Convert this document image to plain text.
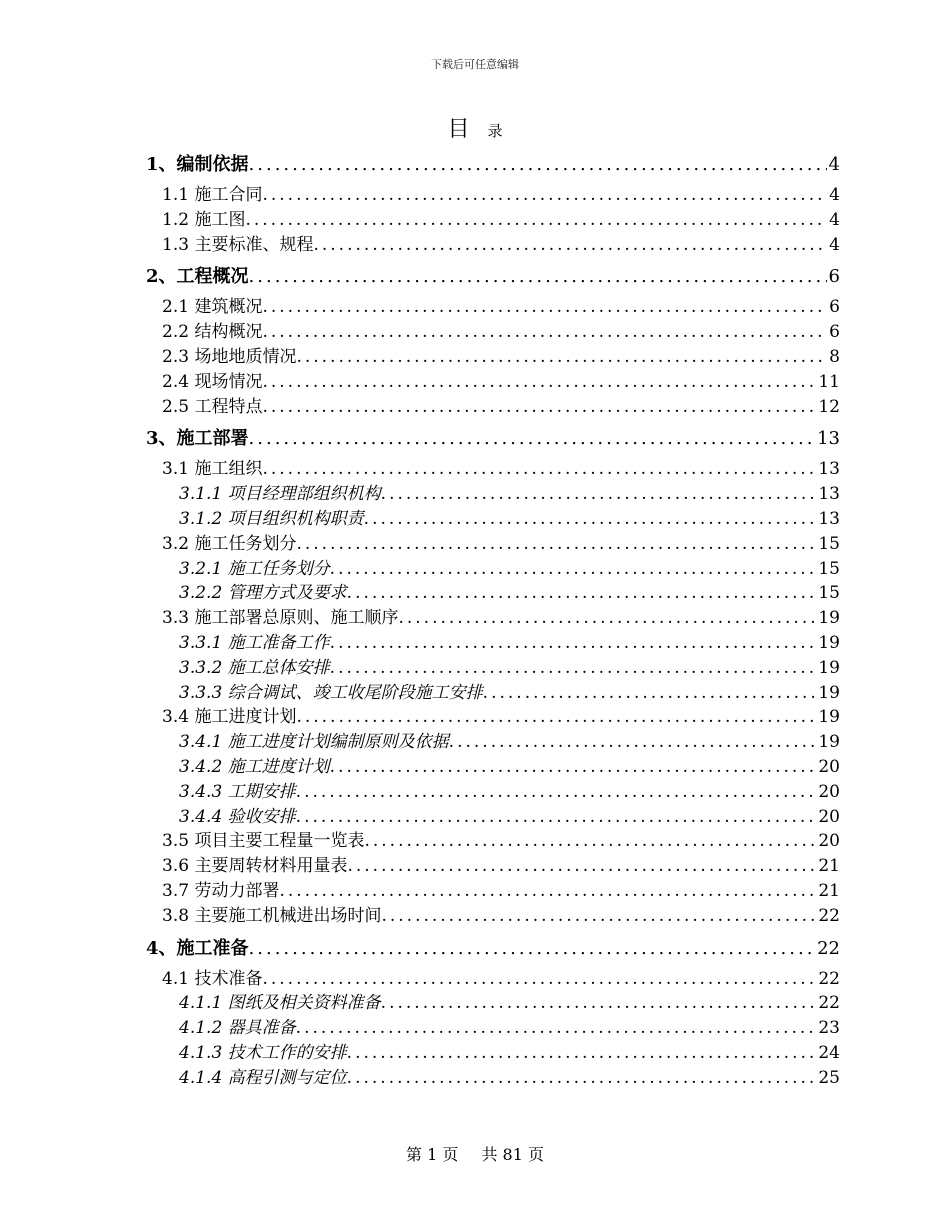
下载后可任意编辑
目 录
1、编制依据 .....	4
1.1 施工合同 .....	4
1.2 施工图 .....	4
1.3 主要标准、规程 .....	4
2、工程概况 .....	6
2.1 建筑概况 .....	6
2.2 结构概况 .....	6
2.3 场地地质情况 .....	8
2.4 现场情况 .....	11
2.5 工程特点 .....	12
3、施工部署 .....	13
3.1 施工组织 .....	13
3.1.1 项目经理部组织机构 .....	13
3.1.2 项目组织机构职责 .....	13
3.2 施工任务划分 .....	15
3.2.1 施工任务划分 .....	15
3.2.2 管理方式及要求 .....	15
3.3 施工部署总原则、施工顺序 .....	19
3.3.1 施工准备工作 .....	19
3.3.2 施工总体安排 .....	19
3.3.3 综合调试、竣工收尾阶段施工安排 .....	19
3.4 施工进度计划 .....	19
3.4.1 施工进度计划编制原则及依据 .....	19
3.4.2 施工进度计划 .....	20
3.4.3 工期安排 .....	20
3.4.4 验收安排 .....	20
3.5 项目主要工程量一览表 .....	20
3.6 主要周转材料用量表 .....	21
3.7 劳动力部署 .....	21
3.8 主要施工机械进出场时间 .....	22
4、施工准备 .....	22
4.1 技术准备 .....	22
4.1.1 图纸及相关资料准备 .....	22
4.1.2 器具准备 .....	23
4.1.3 技术工作的安排 .....	24
4.1.4 高程引测与定位 .....	25
第 1 页 共 81 页
